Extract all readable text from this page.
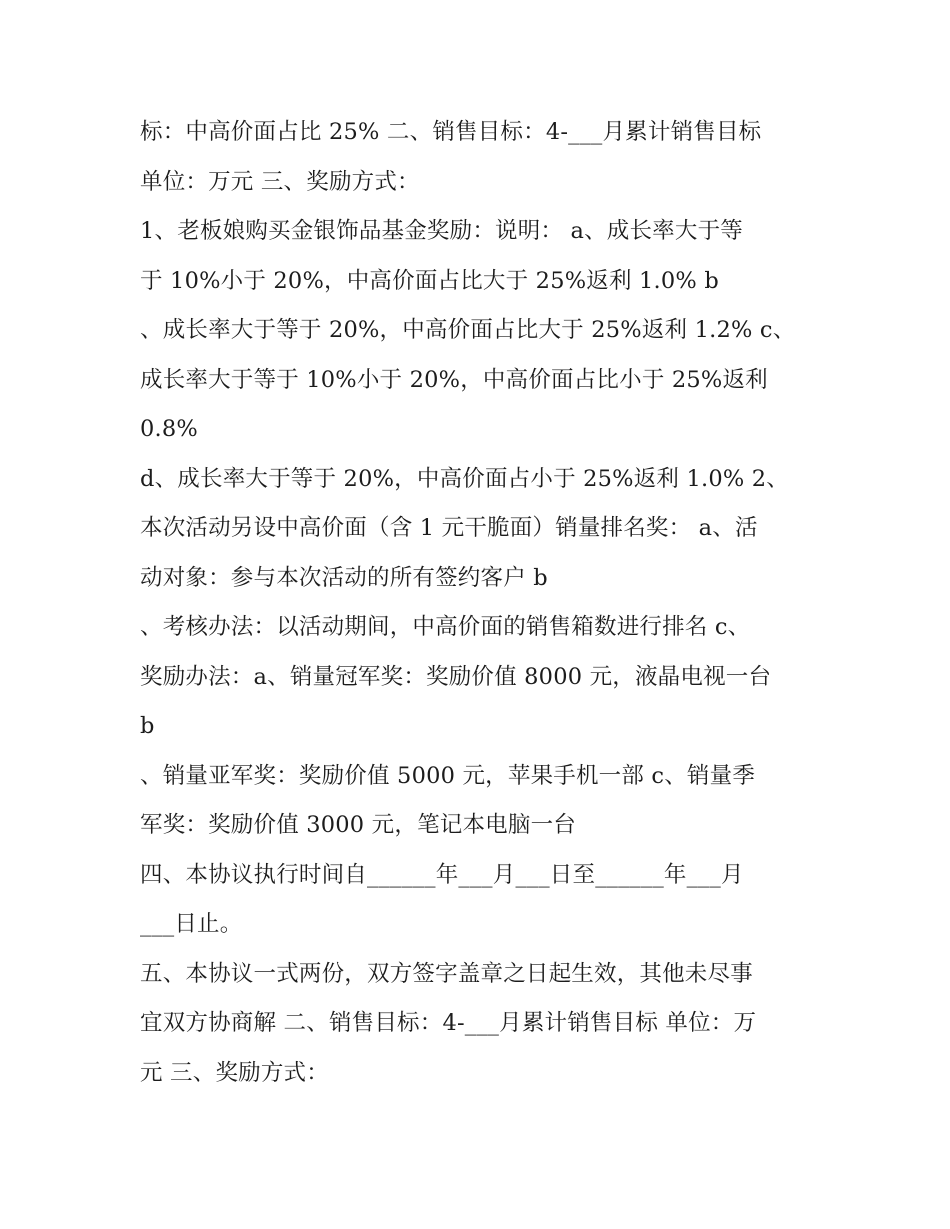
标：中高价面占比 25% 二、销售目标：4-___月累计销售目标
单位：万元 三、奖励方式：
1、老板娘购买金银饰品基金奖励：说明： a、成长率大于等
于 10%小于 20%，中高价面占比大于 25%返利 1.0% b
、成长率大于等于 20%，中高价面占比大于 25%返利 1.2% c、
成长率大于等于 10%小于 20%，中高价面占比小于 25%返利
0.8%
d、成长率大于等于 20%，中高价面占小于 25%返利 1.0% 2、
本次活动另设中高价面（含 1 元干脆面）销量排名奖： a、活
动对象：参与本次活动的所有签约客户 b
、考核办法：以活动期间，中高价面的销售箱数进行排名 c、
奖励办法：a、销量冠军奖：奖励价值 8000 元，液晶电视一台
b
、销量亚军奖：奖励价值 5000 元，苹果手机一部 c、销量季
军奖：奖励价值 3000 元，笔记本电脑一台
四、本协议执行时间自______年___月___日至______年___月
___日止。
五、本协议一式两份，双方签字盖章之日起生效，其他未尽事
宜双方协商解 二、销售目标：4-___月累计销售目标 单位：万
元 三、奖励方式：
